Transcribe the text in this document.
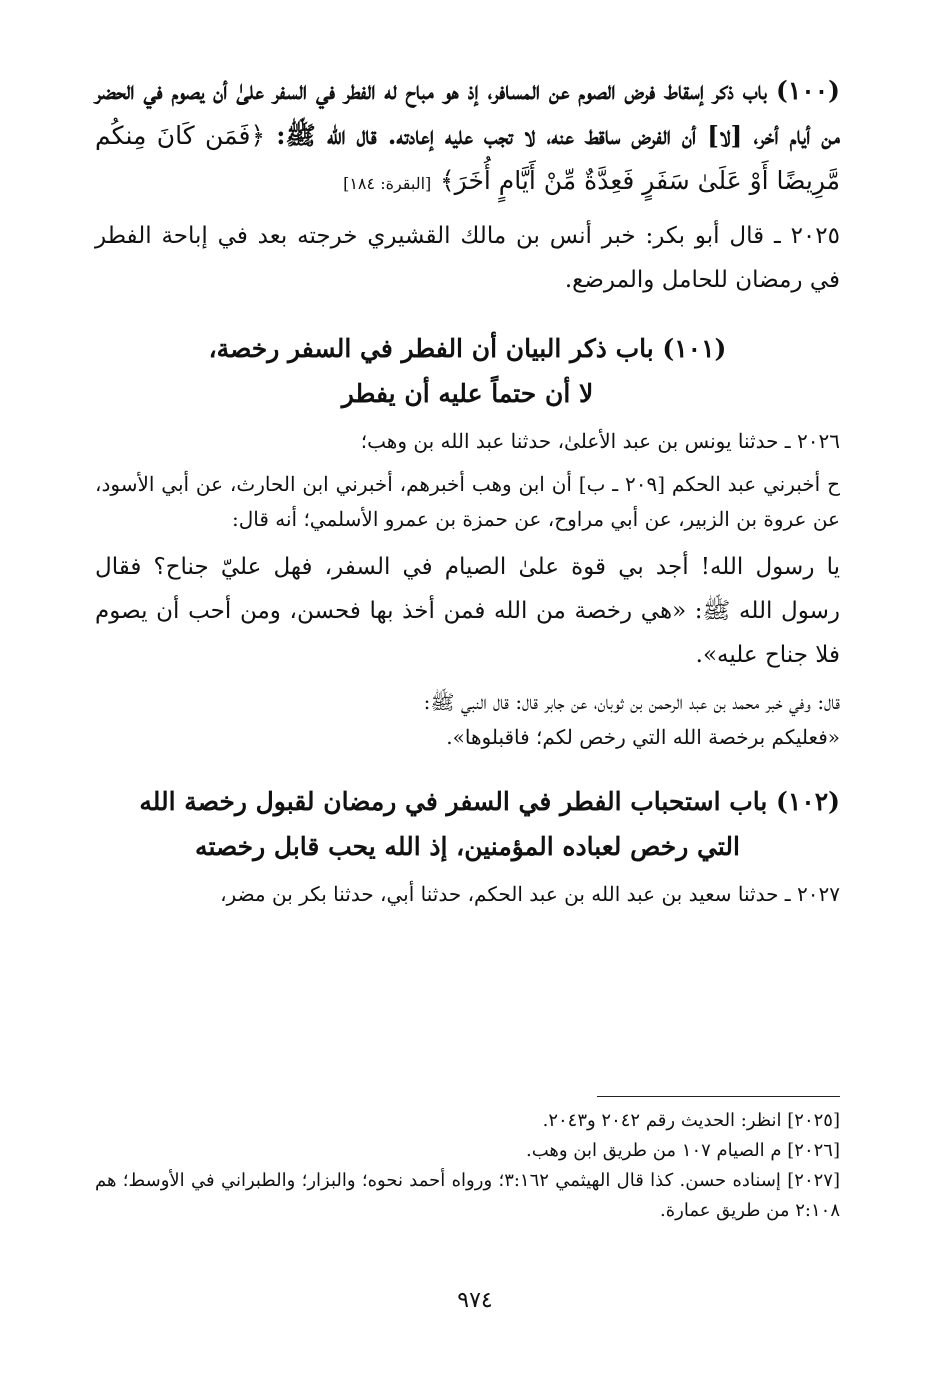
(١٠٠) باب ذكر إسقاط فرض الصوم عن المسافر، إذ هو مباح له الفطر في السفر علىٰ أن يصوم في الحضر من أيام أخر، [لا] أن الفرض ساقط عنه، لا تجب عليه إعادته. قال الله ﷺ: ﴿فَمَن كَانَ مِنكُم مَّرِيضًا أَوْ عَلَىٰ سَفَرٍ فَعِدَّةٌ مِّنْ أَيَّامٍ أُخَرَ﴾ [البقرة: ١٨٤]

٢٠٢٥ ـ قال أبو بكر: خبر أنس بن مالك القشيري خرجته بعد في إباحة الفطر في رمضان للحامل والمرضع.

(١٠١) باب ذكر البيان أن الفطر في السفر رخصة،

لا أن حتماً عليه أن يفطر

٢٠٢٦ ـ حدثنا يونس بن عبد الأعلىٰ، حدثنا عبد الله بن وهب؛

ح أخبرني عبد الحكم [٢٠٩ ـ ب] أن ابن وهب أخبرهم، أخبرني ابن الحارث، عن أبي الأسود، عن عروة بن الزبير، عن أبي مراوح، عن حمزة بن عمرو الأسلمي؛ أنه قال:

يا رسول الله! أجد بي قوة علىٰ الصيام في السفر، فهل عليّ جناح؟ فقال رسول الله ﷺ: «هي رخصة من الله فمن أخذ بها فحسن، ومن أحب أن يصوم فلا جناح عليه».

قال: وفي خبر محمد بن عبد الرحمن بن ثوبان، عن جابر قال: قال النبي ﷺ:

«فعليكم برخصة الله التي رخص لكم؛ فاقبلوها».

(١٠٢) باب استحباب الفطر في السفر في رمضان لقبول رخصة الله

التي رخص لعباده المؤمنين، إذ الله يحب قابل رخصته

٢٠٢٧ ـ حدثنا سعيد بن عبد الله بن عبد الحكم، حدثنا أبي، حدثنا بكر بن مضر،

[٢٠٢٥] انظر: الحديث رقم ٢٠٤٢ و٢٠٤٣.

[٢٠٢٦] م الصيام ١٠٧ من طريق ابن وهب.

[٢٠٢٧] إسناده حسن. كذا قال الهيثمي ٣:١٦٢؛ ورواه أحمد نحوه؛ والبزار؛ والطبراني في الأوسط؛ هم ٢:١٠٨ من طريق عمارة.

٩٧٤
